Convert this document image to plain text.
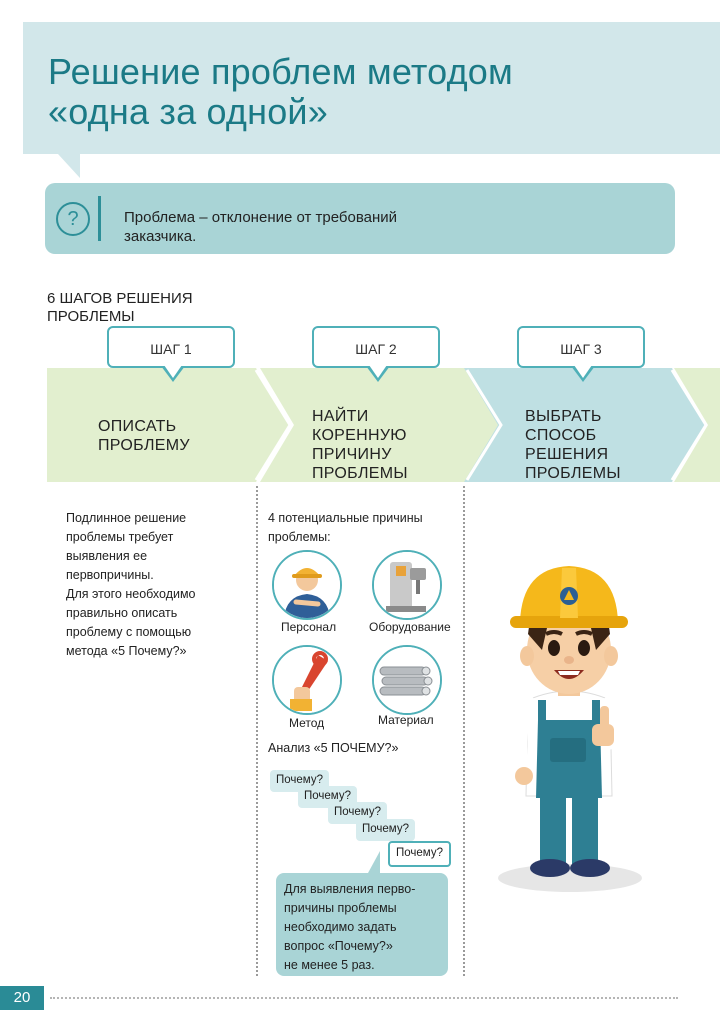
Решение проблем методом
«одна за одной»
?	Проблема – отклонение от требований
заказчика.
6 ШАГОВ РЕШЕНИЯ ПРОБЛЕМЫ
ШАГ 1	ШАГ 2	ШАГ 3
ОПИСАТЬ
ПРОБЛЕМУ
НАЙТИ
КОРЕННУЮ
ПРИЧИНУ
ПРОБЛЕМЫ
ВЫБРАТЬ
СПОСОБ
РЕШЕНИЯ
ПРОБЛЕМЫ
Подлинное решение
проблемы требует
выявления ее
первопричины.
Для этого необходимо
правильно описать
проблему с помощью
метода «5 Почему?»
4 потенциальные причины
проблемы:
Персонал	Оборудование
Метод	Материал
Анализ «5 ПОЧЕМУ?»
Почему?
Почему?
Почему?
Почему?
Почему?
Для выявления перво-
причины проблемы
необходимо задать
вопрос «Почему?»
не менее 5 раз.
20
